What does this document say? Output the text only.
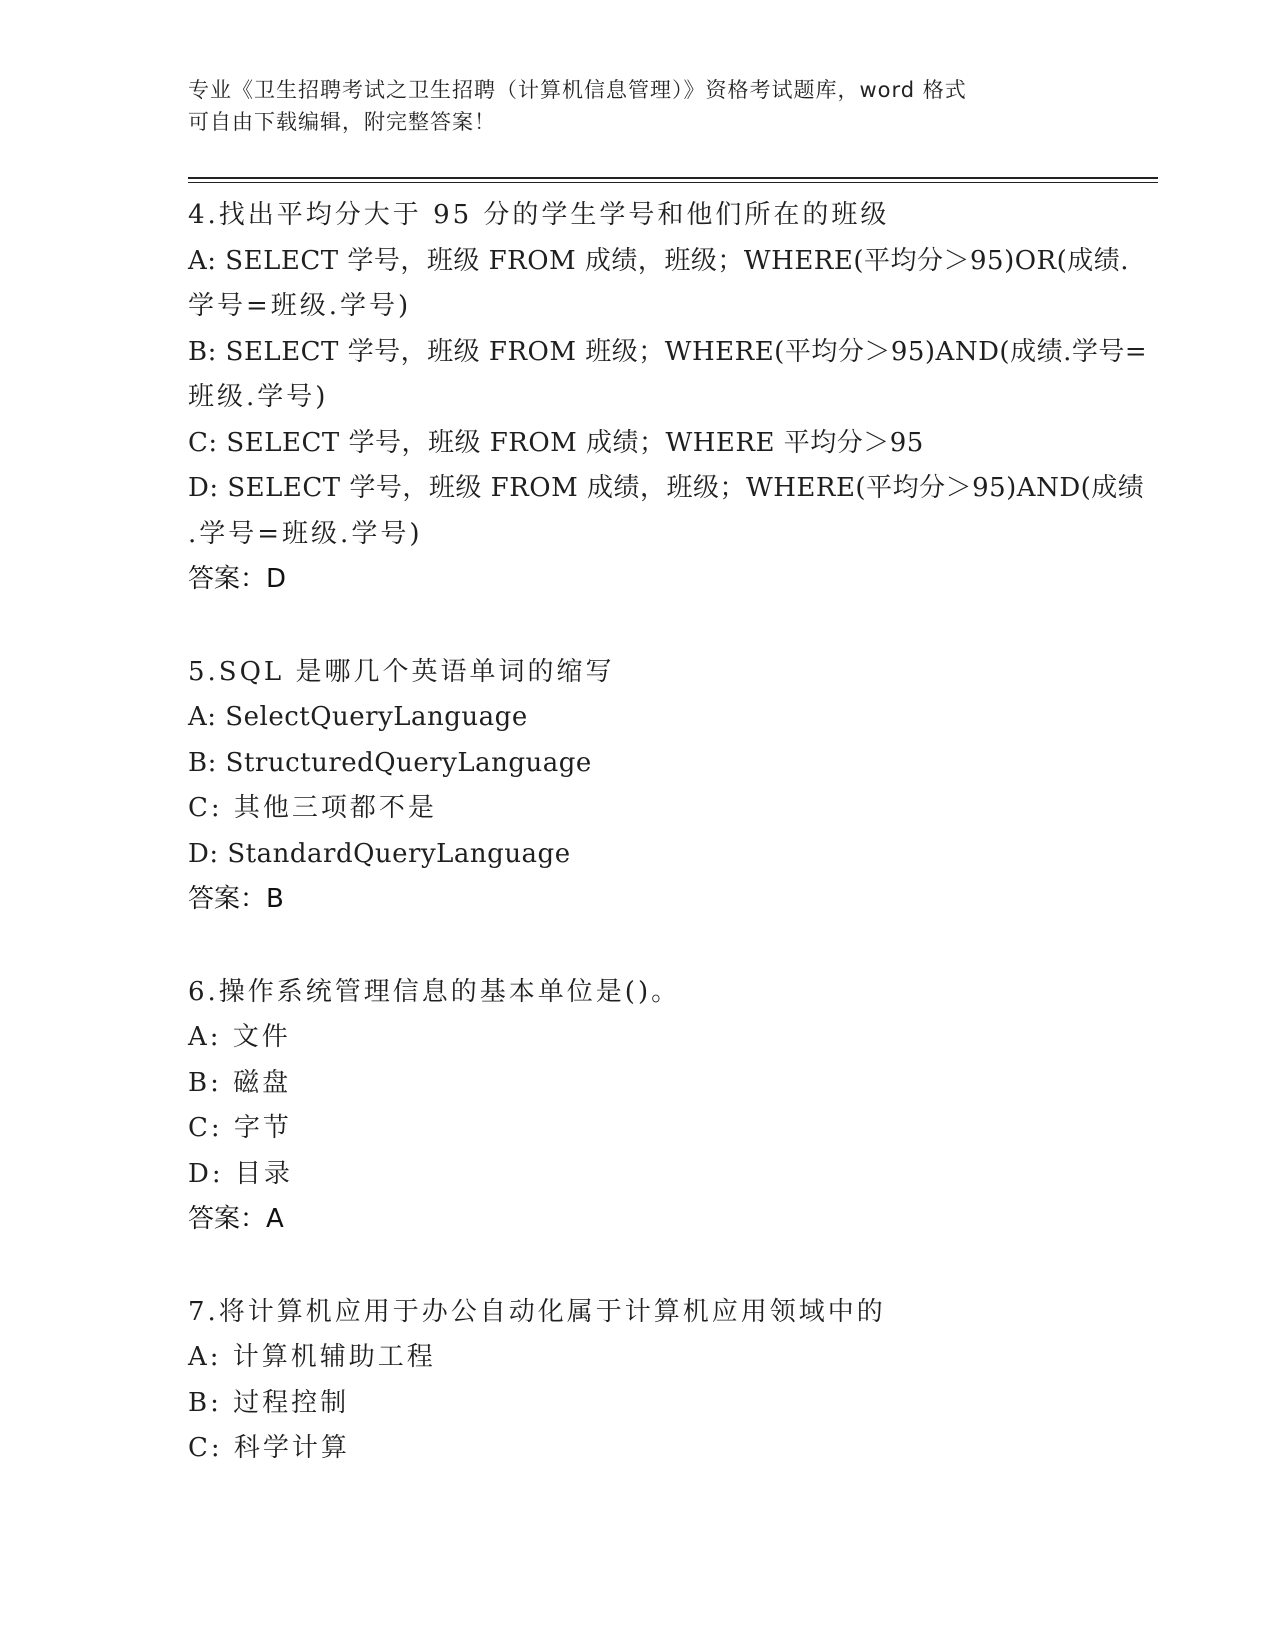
专业《卫生招聘考试之卫生招聘（计算机信息管理）》资格考试题库，word 格式
可自由下载编辑，附完整答案！
4.找出平均分大于 95 分的学生学号和他们所在的班级
A: SELECT 学号，班级 FROM 成绩，班级；WHERE(平均分＞95)OR(成绩.
学号=班级.学号)
B: SELECT 学号，班级 FROM 班级；WHERE(平均分＞95)AND(成绩.学号=
班级.学号)
C: SELECT 学号，班级 FROM 成绩；WHERE 平均分＞95
D: SELECT 学号，班级 FROM 成绩，班级；WHERE(平均分＞95)AND(成绩
.学号=班级.学号)
答案：D
5.SQL 是哪几个英语单词的缩写
A: SelectQueryLanguage
B: StructuredQueryLanguage
C: 其他三项都不是
D: StandardQueryLanguage
答案：B
6.操作系统管理信息的基本单位是()。
A: 文件
B: 磁盘
C: 字节
D: 目录
答案：A
7.将计算机应用于办公自动化属于计算机应用领域中的
A: 计算机辅助工程
B: 过程控制
C: 科学计算
